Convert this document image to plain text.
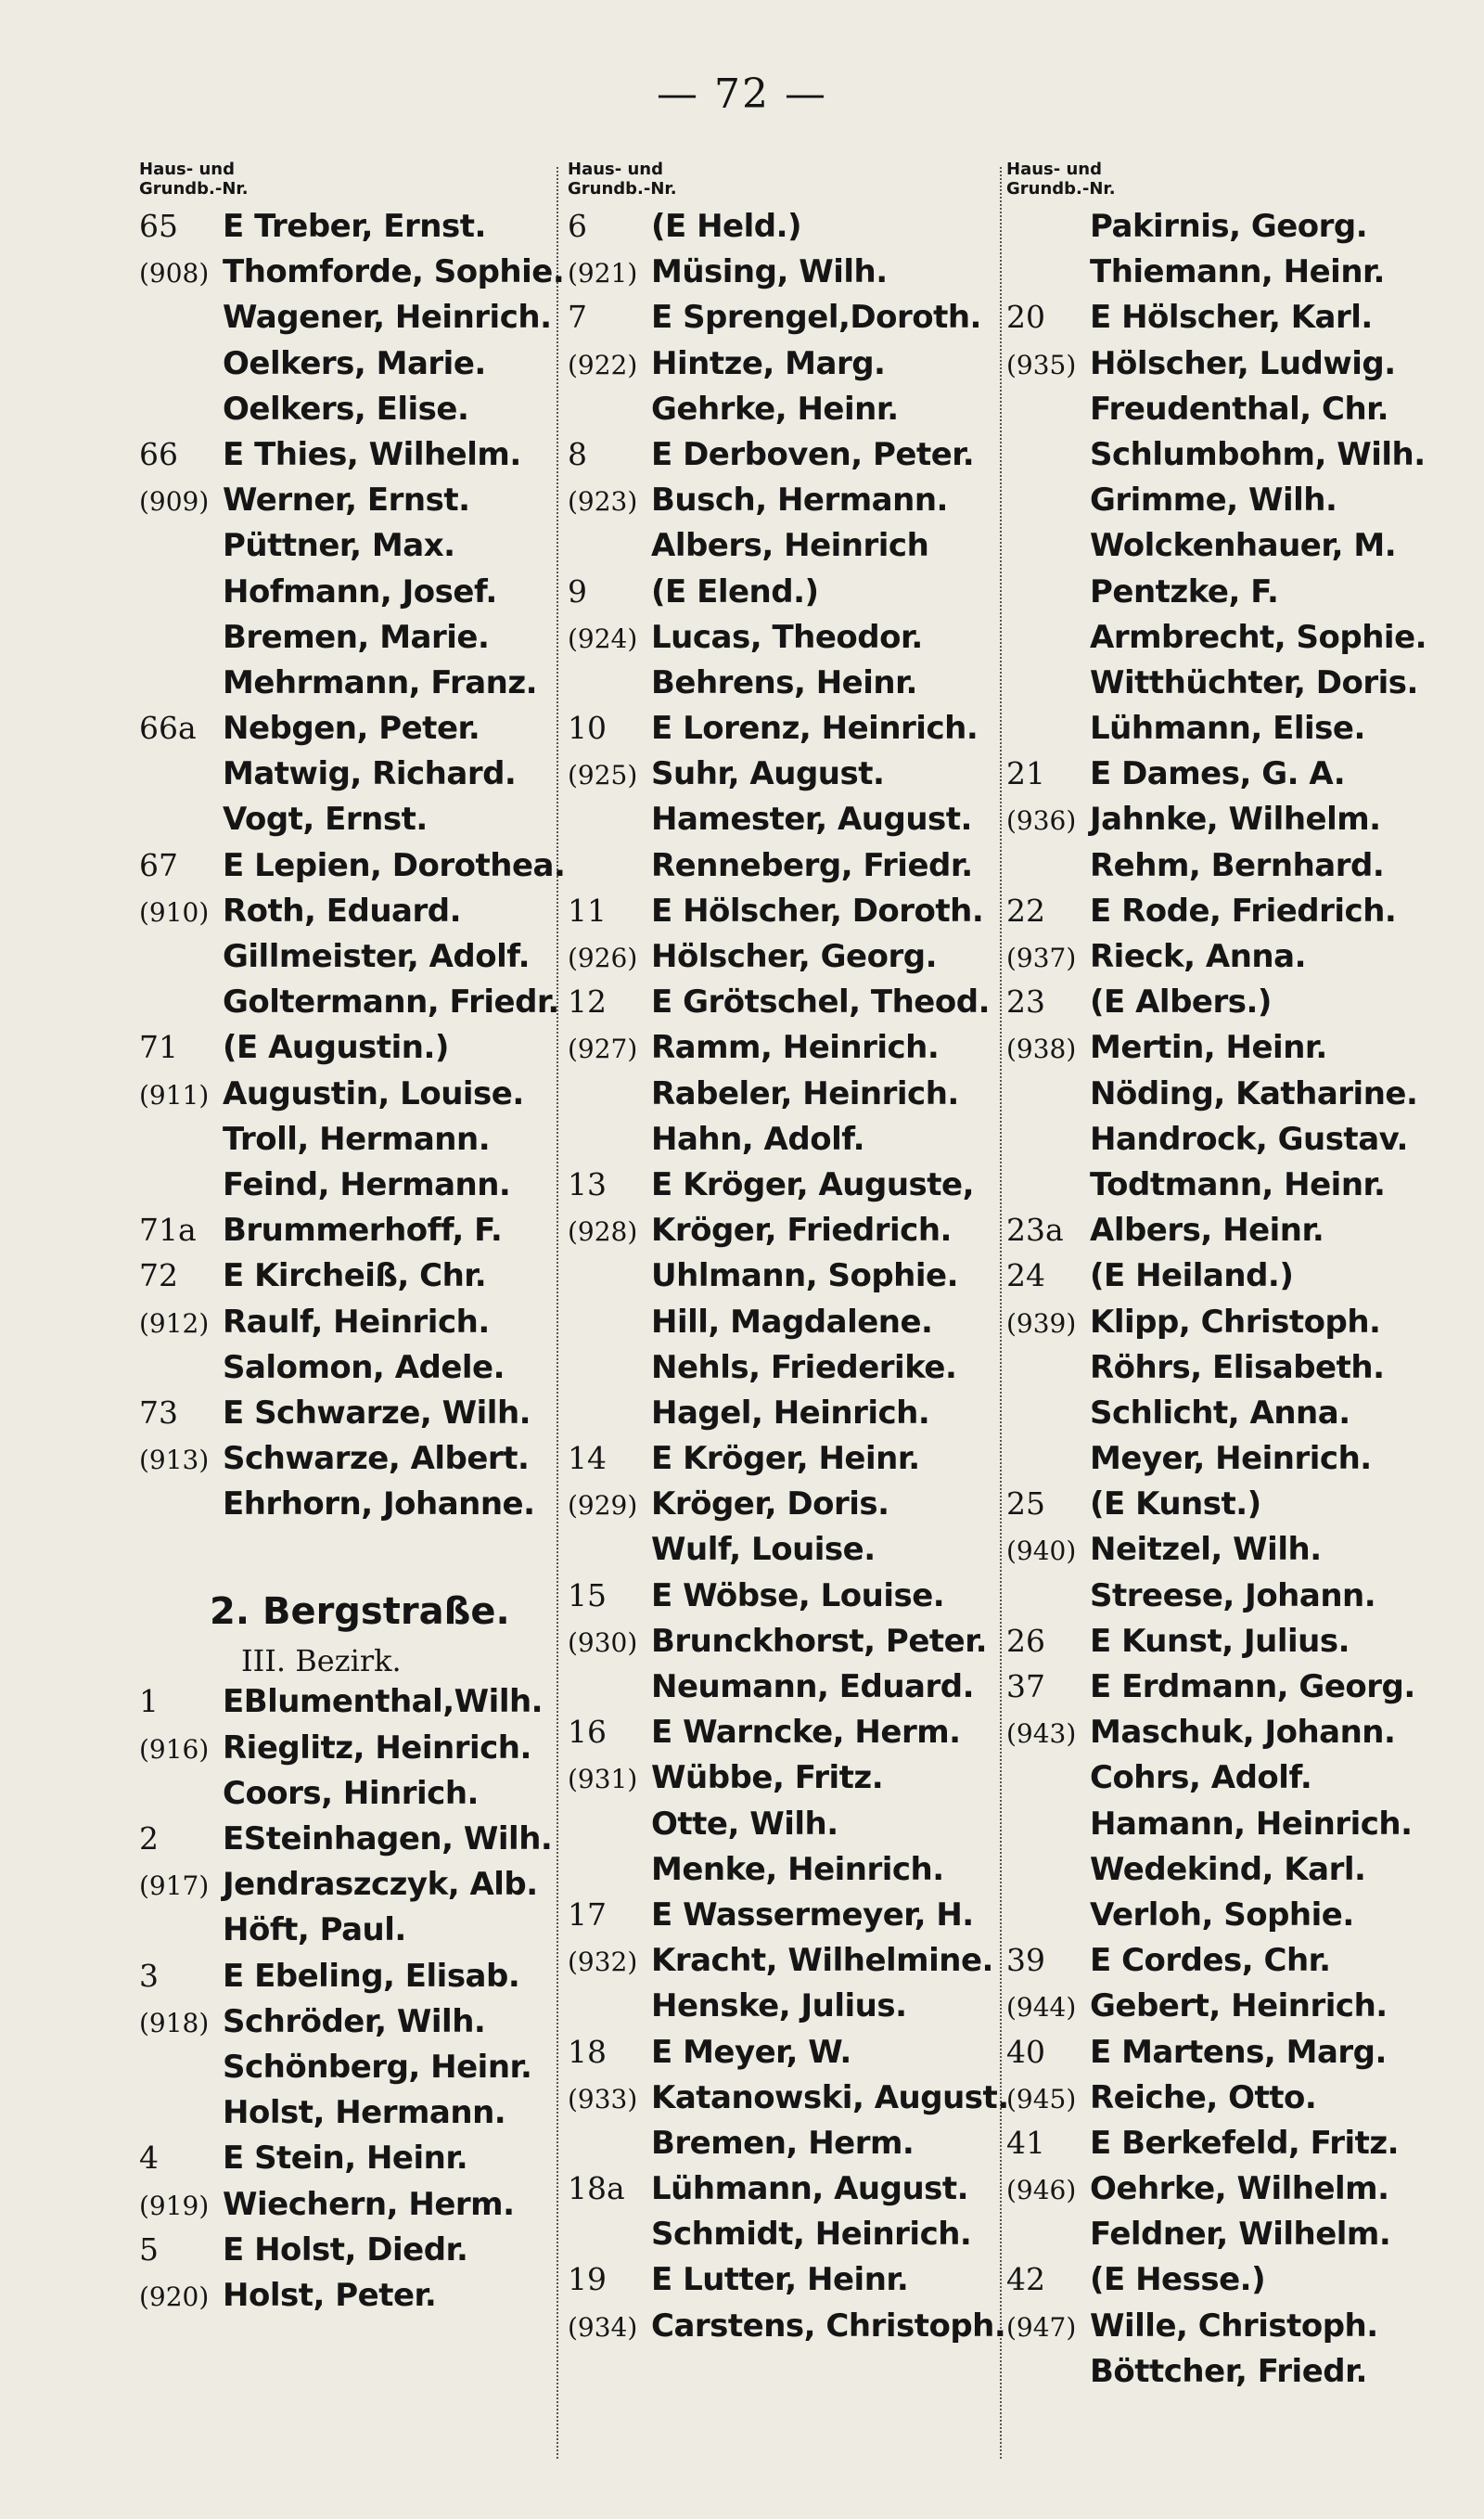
— 72 —
Haus- und
Grundb.-Nr.
65	E Treber, Ernst.
(908) Thomforde, Sophie.
Wagener, Heinrich.
Oelkers, Marie.
Oelkers, Elise.
66	E Thies, Wilhelm.
(909) Werner, Ernst.
Püttner, Max.
Hofmann, Josef.
Bremen, Marie.
Mehrmann, Franz.
66a Nebgen, Peter.
Matwig, Richard.
Vogt, Ernst.
67	E Lepien, Dorothea.
(910) Roth, Eduard.
Gillmeister, Adolf.
Goltermann, Friedr.
71	(E Augustin.)
(911) Augustin, Louise.
Troll, Hermann.
Feind, Hermann.
71a Brummerhoff, F.
72	E Kircheiß, Chr.
(912) Raulf, Heinrich.
Salomon, Adele.
73	E Schwarze, Wilh.
(913) Schwarze, Albert.
Ehrhorn, Johanne.
2. Bergstraße.
III. Bezirk.
1	EBlumenthal,Wilh.
(916) Rieglitz, Heinrich.
Coors, Hinrich.
2	ESteinhagen, Wilh.
(917) Jendraszczyk, Alb.
Höft, Paul.
3	E Ebeling, Elisab.
(918) Schröder, Wilh.
Schönberg, Heinr.
Holst, Hermann.
4	E Stein, Heinr.
(919) Wiechern, Herm.
5	E Holst, Diedr.
(920) Holst, Peter.
Haus- und
Grundb.-Nr.
6	(E Held.)
(921) Müsing, Wilh.
7	E Sprengel,Doroth.
(922) Hintze, Marg.
Gehrke, Heinr.
8	E Derboven, Peter.
(923) Busch, Hermann.
Albers, Heinrich
9	(E Elend.)
(924) Lucas, Theodor.
Behrens, Heinr.
10	E Lorenz, Heinrich.
(925) Suhr, August.
Hamester, August.
Renneberg, Friedr.
11	E Hölscher, Doroth.
(926) Hölscher, Georg.
12	E Grötschel, Theod.
(927) Ramm, Heinrich.
Rabeler, Heinrich.
Hahn, Adolf.
13	E Kröger, Auguste,
(928) Kröger, Friedrich.
Uhlmann, Sophie.
Hill, Magdalene.
Nehls, Friederike.
Hagel, Heinrich.
14	E Kröger, Heinr.
(929) Kröger, Doris.
Wulf, Louise.
15	E Wöbse, Louise.
(930) Brunckhorst, Peter.
Neumann, Eduard.
16	E Warncke, Herm.
(931) Wübbe, Fritz.
Otte, Wilh.
Menke, Heinrich.
17	E Wassermeyer, H.
(932) Kracht, Wilhelmine.
Henske, Julius.
18	E Meyer, W.
(933) Katanowski, August.
Bremen, Herm.
18a Lühmann, August.
Schmidt, Heinrich.
19	E Lutter, Heinr.
(934) Carstens, Christoph.
Haus- und
Grundb.-Nr.
Pakirnis, Georg.
Thiemann, Heinr.
20	E Hölscher, Karl.
(935) Hölscher, Ludwig.
Freudenthal, Chr.
Schlumbohm, Wilh.
Grimme, Wilh.
Wolckenhauer, M.
Pentzke, F.
Armbrecht, Sophie.
Witthüchter, Doris.
Lühmann, Elise.
21	E Dames, G. A.
(936) Jahnke, Wilhelm.
Rehm, Bernhard.
22	E Rode, Friedrich.
(937) Rieck, Anna.
23	(E Albers.)
(938) Mertin, Heinr.
Nöding, Katharine.
Handrock, Gustav.
Todtmann, Heinr.
23a Albers, Heinr.
24	(E Heiland.)
(939) Klipp, Christoph.
Röhrs, Elisabeth.
Schlicht, Anna.
Meyer, Heinrich.
25	(E Kunst.)
(940) Neitzel, Wilh.
Streese, Johann.
26	E Kunst, Julius.
37	E Erdmann, Georg.
(943) Maschuk, Johann.
Cohrs, Adolf.
Hamann, Heinrich.
Wedekind, Karl.
Verloh, Sophie.
39	E Cordes, Chr.
(944) Gebert, Heinrich.
40	E Martens, Marg.
(945) Reiche, Otto.
41	E Berkefeld, Fritz.
(946) Oehrke, Wilhelm.
Feldner, Wilhelm.
42	(E Hesse.)
(947) Wille, Christoph.
Böttcher, Friedr.
